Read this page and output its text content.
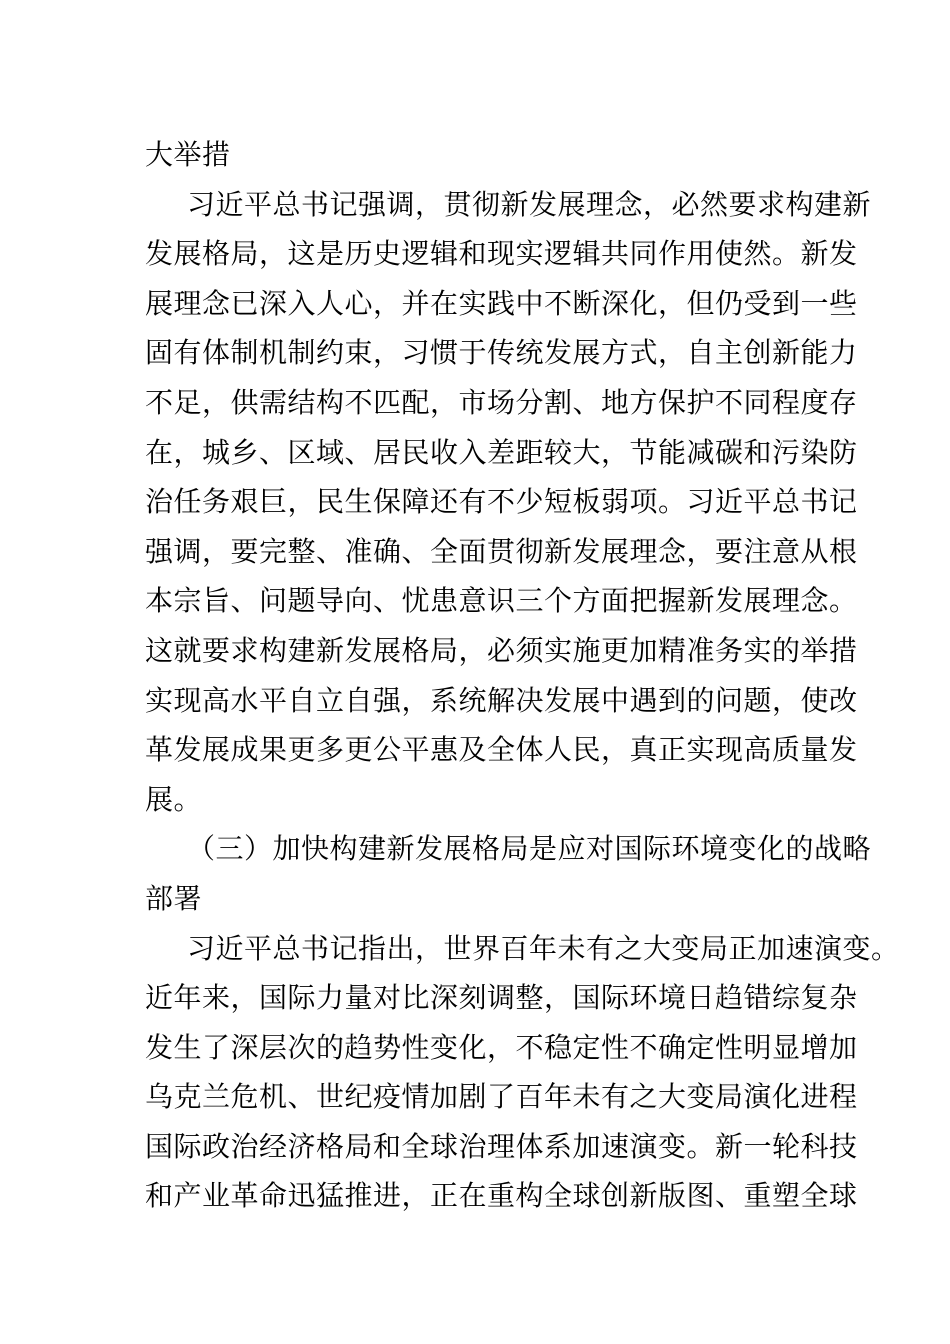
大举措
习近平总书记强调，贯彻新发展理念，必然要求构建新
发展格局，这是历史逻辑和现实逻辑共同作用使然。新发
展理念已深入人心，并在实践中不断深化，但仍受到一些
固有体制机制约束，习惯于传统发展方式，自主创新能力
不足，供需结构不匹配，市场分割、地方保护不同程度存
在，城乡、区域、居民收入差距较大，节能减碳和污染防
治任务艰巨，民生保障还有不少短板弱项。习近平总书记
强调，要完整、准确、全面贯彻新发展理念，要注意从根
本宗旨、问题导向、忧患意识三个方面把握新发展理念。
这就要求构建新发展格局，必须实施更加精准务实的举措
实现高水平自立自强，系统解决发展中遇到的问题，使改
革发展成果更多更公平惠及全体人民，真正实现高质量发
展。
（三）加快构建新发展格局是应对国际环境变化的战略
部署
习近平总书记指出，世界百年未有之大变局正加速演变。
近年来，国际力量对比深刻调整，国际环境日趋错综复杂
发生了深层次的趋势性变化，不稳定性不确定性明显增加
乌克兰危机、世纪疫情加剧了百年未有之大变局演化进程
国际政治经济格局和全球治理体系加速演变。新一轮科技
和产业革命迅猛推进，正在重构全球创新版图、重塑全球
